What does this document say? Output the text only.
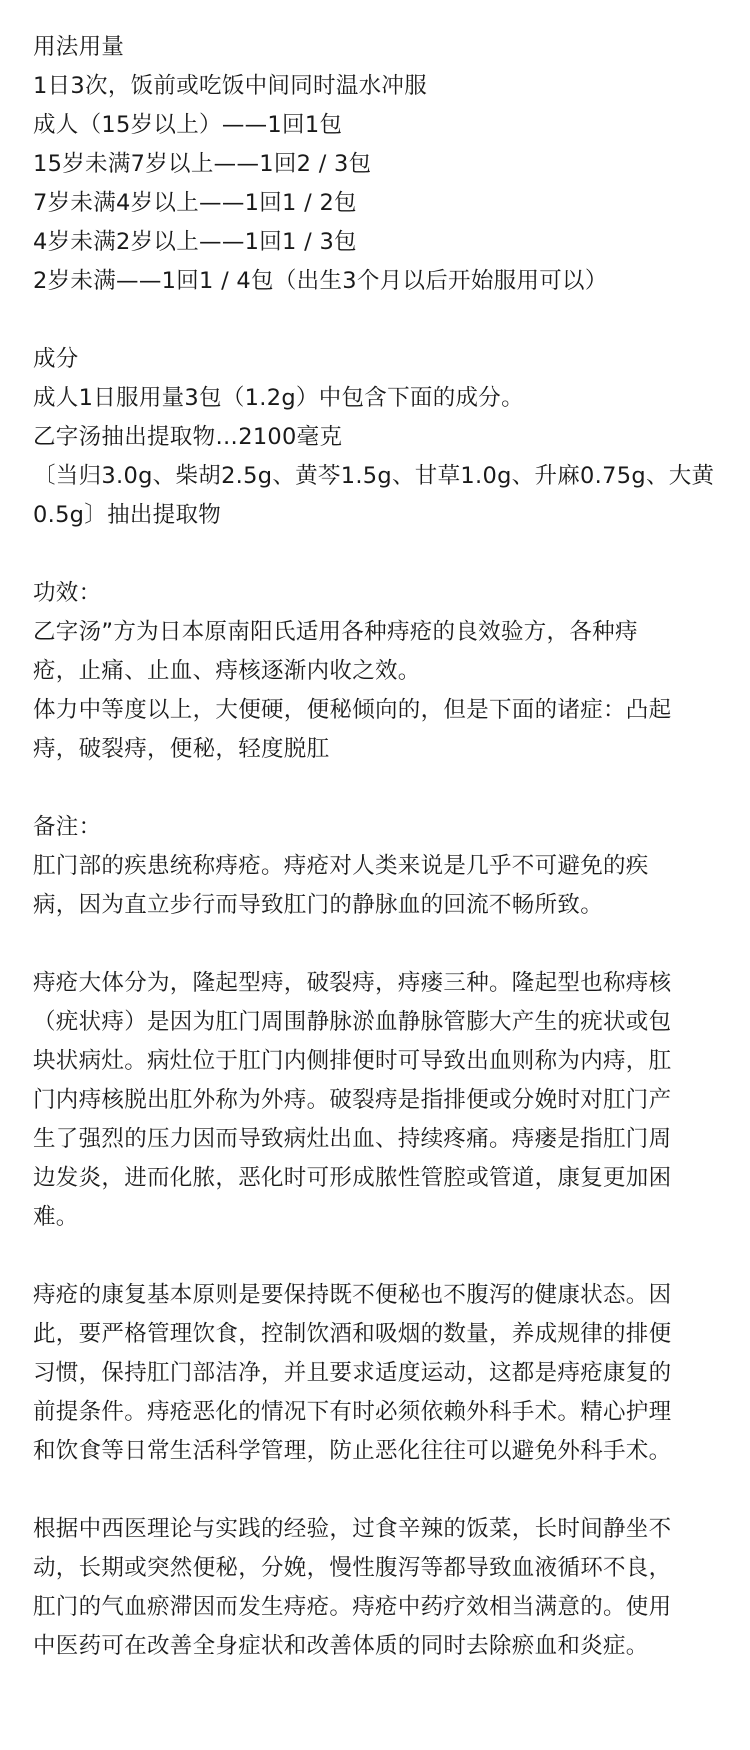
用法用量
1日3次，饭前或吃饭中间同时温水冲服
成人（15岁以上）——1回1包
15岁未满7岁以上——1回2 / 3包
7岁未满4岁以上——1回1 / 2包
4岁未满2岁以上——1回1 / 3包
2岁未满——1回1 / 4包（出生3个月以后开始服用可以）
成分
成人1日服用量3包（1.2g）中包含下面的成分。
乙字汤抽出提取物…2100毫克
〔当归3.0g、柴胡2.5g、黄芩1.5g、甘草1.0g、升麻0.75g、大黄
0.5g〕抽出提取物
功效：
乙字汤”方为日本原南阳氏适用各种痔疮的良效验方，各种痔
疮，止痛、止血、痔核逐渐内收之效。
体力中等度以上，大便硬，便秘倾向的，但是下面的诸症：凸起
痔，破裂痔，便秘，轻度脱肛
备注：
肛门部的疾患统称痔疮。痔疮对人类来说是几乎不可避免的疾
病，因为直立步行而导致肛门的静脉血的回流不畅所致。
痔疮大体分为，隆起型痔，破裂痔，痔瘘三种。隆起型也称痔核
（疣状痔）是因为肛门周围静脉淤血静脉管膨大产生的疣状或包
块状病灶。病灶位于肛门内侧排便时可导致出血则称为内痔，肛
门内痔核脱出肛外称为外痔。破裂痔是指排便或分娩时对肛门产
生了强烈的压力因而导致病灶出血、持续疼痛。痔瘘是指肛门周
边发炎，进而化脓，恶化时可形成脓性管腔或管道，康复更加困
难。
痔疮的康复基本原则是要保持既不便秘也不腹泻的健康状态。因
此，要严格管理饮食，控制饮酒和吸烟的数量，养成规律的排便
习惯，保持肛门部洁净，并且要求适度运动，这都是痔疮康复的
前提条件。痔疮恶化的情况下有时必须依赖外科手术。精心护理
和饮食等日常生活科学管理，防止恶化往往可以避免外科手术。
根据中西医理论与实践的经验，过食辛辣的饭菜，长时间静坐不
动，长期或突然便秘，分娩，慢性腹泻等都导致血液循环不良，
肛门的气血瘀滞因而发生痔疮。痔疮中药疗效相当满意的。使用
中医药可在改善全身症状和改善体质的同时去除瘀血和炎症。
